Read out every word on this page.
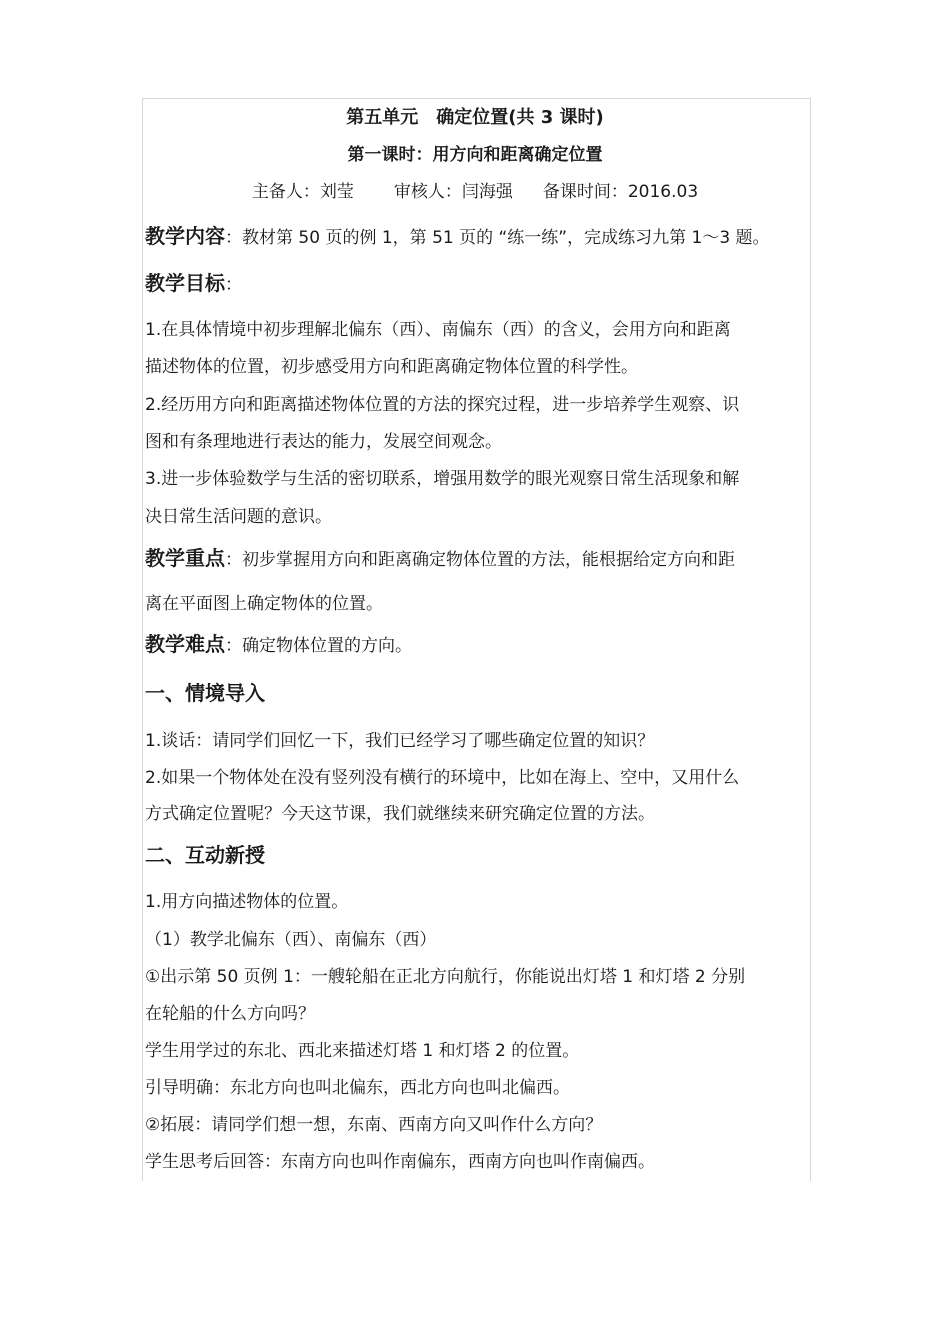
第五单元　确定位置(共 3 课时)
第一课时：用方向和距离确定位置
主备人：刘莹 审核人：闫海强 备课时间：2016.03
教学内容：教材第 50 页的例 1，第 51 页的 “练一练”，完成练习九第 1～3 题。
教学目标：
1.在具体情境中初步理解北偏东（西）、南偏东（西）的含义，会用方向和距离
描述物体的位置，初步感受用方向和距离确定物体位置的科学性。
2.经历用方向和距离描述物体位置的方法的探究过程，进一步培养学生观察、识
图和有条理地进行表达的能力，发展空间观念。
3.进一步体验数学与生活的密切联系，增强用数学的眼光观察日常生活现象和解
决日常生活问题的意识。
教学重点：初步掌握用方向和距离确定物体位置的方法，能根据给定方向和距
离在平面图上确定物体的位置。
教学难点：确定物体位置的方向。
一、情境导入
1.谈话：请同学们回忆一下，我们已经学习了哪些确定位置的知识？
2.如果一个物体处在没有竖列没有横行的环境中，比如在海上、空中，又用什么
方式确定位置呢？今天这节课，我们就继续来研究确定位置的方法。
二、互动新授
1.用方向描述物体的位置。
（1）教学北偏东（西）、南偏东（西）
①出示第 50 页例 1：一艘轮船在正北方向航行，你能说出灯塔 1 和灯塔 2 分别
在轮船的什么方向吗？
学生用学过的东北、西北来描述灯塔 1 和灯塔 2 的位置。
引导明确：东北方向也叫北偏东，西北方向也叫北偏西。
②拓展：请同学们想一想，东南、西南方向又叫作什么方向？
学生思考后回答：东南方向也叫作南偏东，西南方向也叫作南偏西。
